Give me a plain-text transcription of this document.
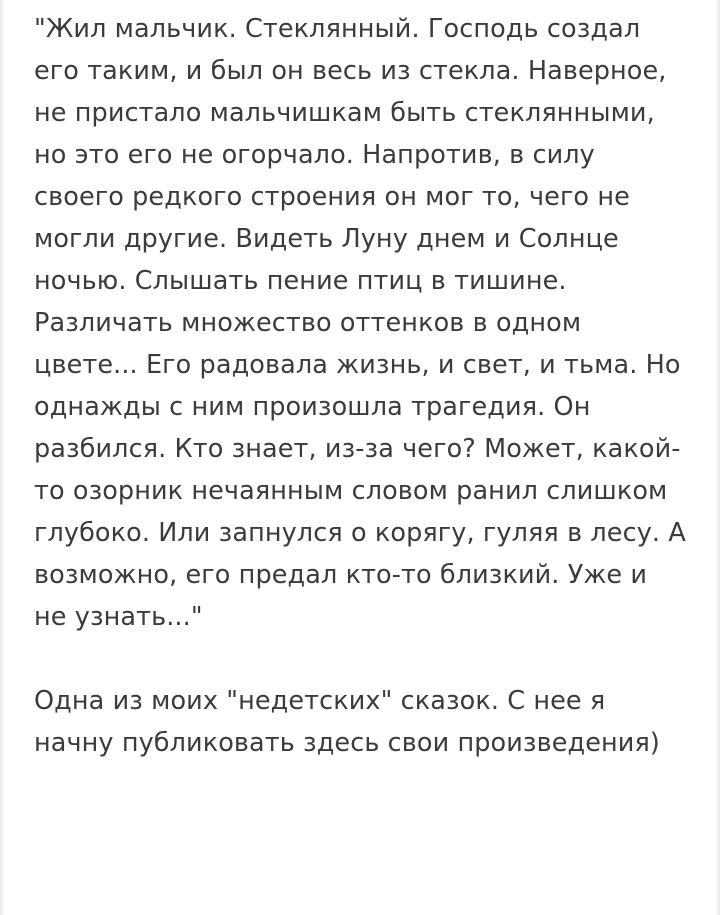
"Жил мальчик. Стеклянный. Господь создал его таким, и был он весь из стекла. Наверное, не пристало мальчишкам быть стеклянными, но это его не огорчало. Напротив, в силу своего редкого строения он мог то, чего не могли другие. Видеть Луну днем и Солнце ночью. Слышать пение птиц в тишине. Различать множество оттенков в одном цвете... Его радовала жизнь, и свет, и тьма. Но однажды с ним произошла трагедия. Он разбился. Кто знает, из-за чего? Может, какой-то озорник нечаянным словом ранил слишком глубоко. Или запнулся о корягу, гуляя в лесу. А возможно, его предал кто-то близкий. Уже и не узнать..."

Одна из моих "недетских" сказок. С нее я начну публиковать здесь свои произведения)
